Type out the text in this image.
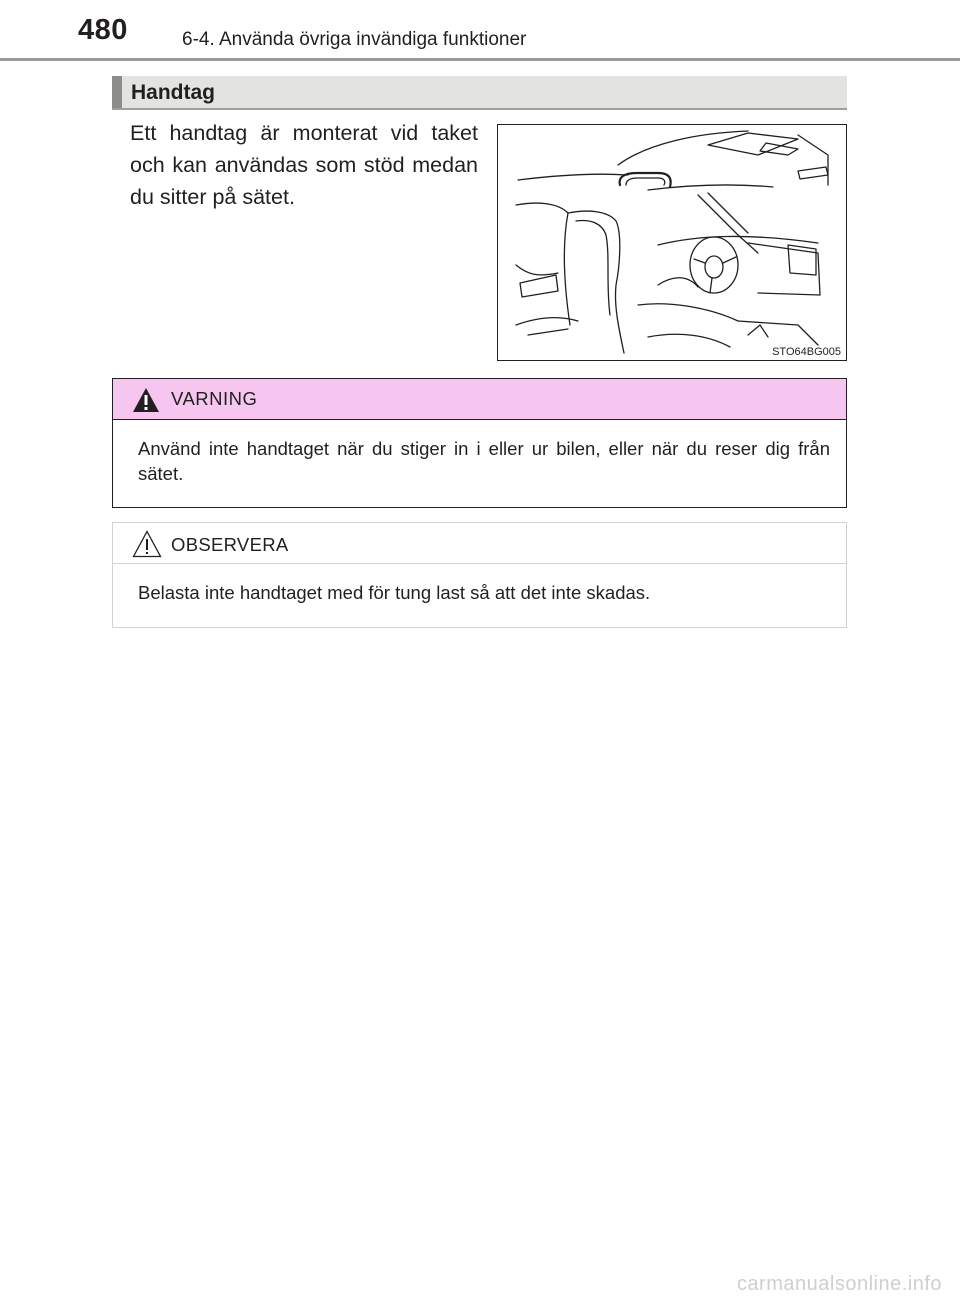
480	6-4. Använda övriga invändiga funktioner
Handtag
Ett handtag är monterat vid taket och kan användas som stöd medan du sitter på sätet.
STO64BG005
VARNING
Använd inte handtaget när du stiger in i eller ur bilen, eller när du reser dig från sätet.
OBSERVERA
Belasta inte handtaget med för tung last så att det inte skadas.
carmanualsonline.info
